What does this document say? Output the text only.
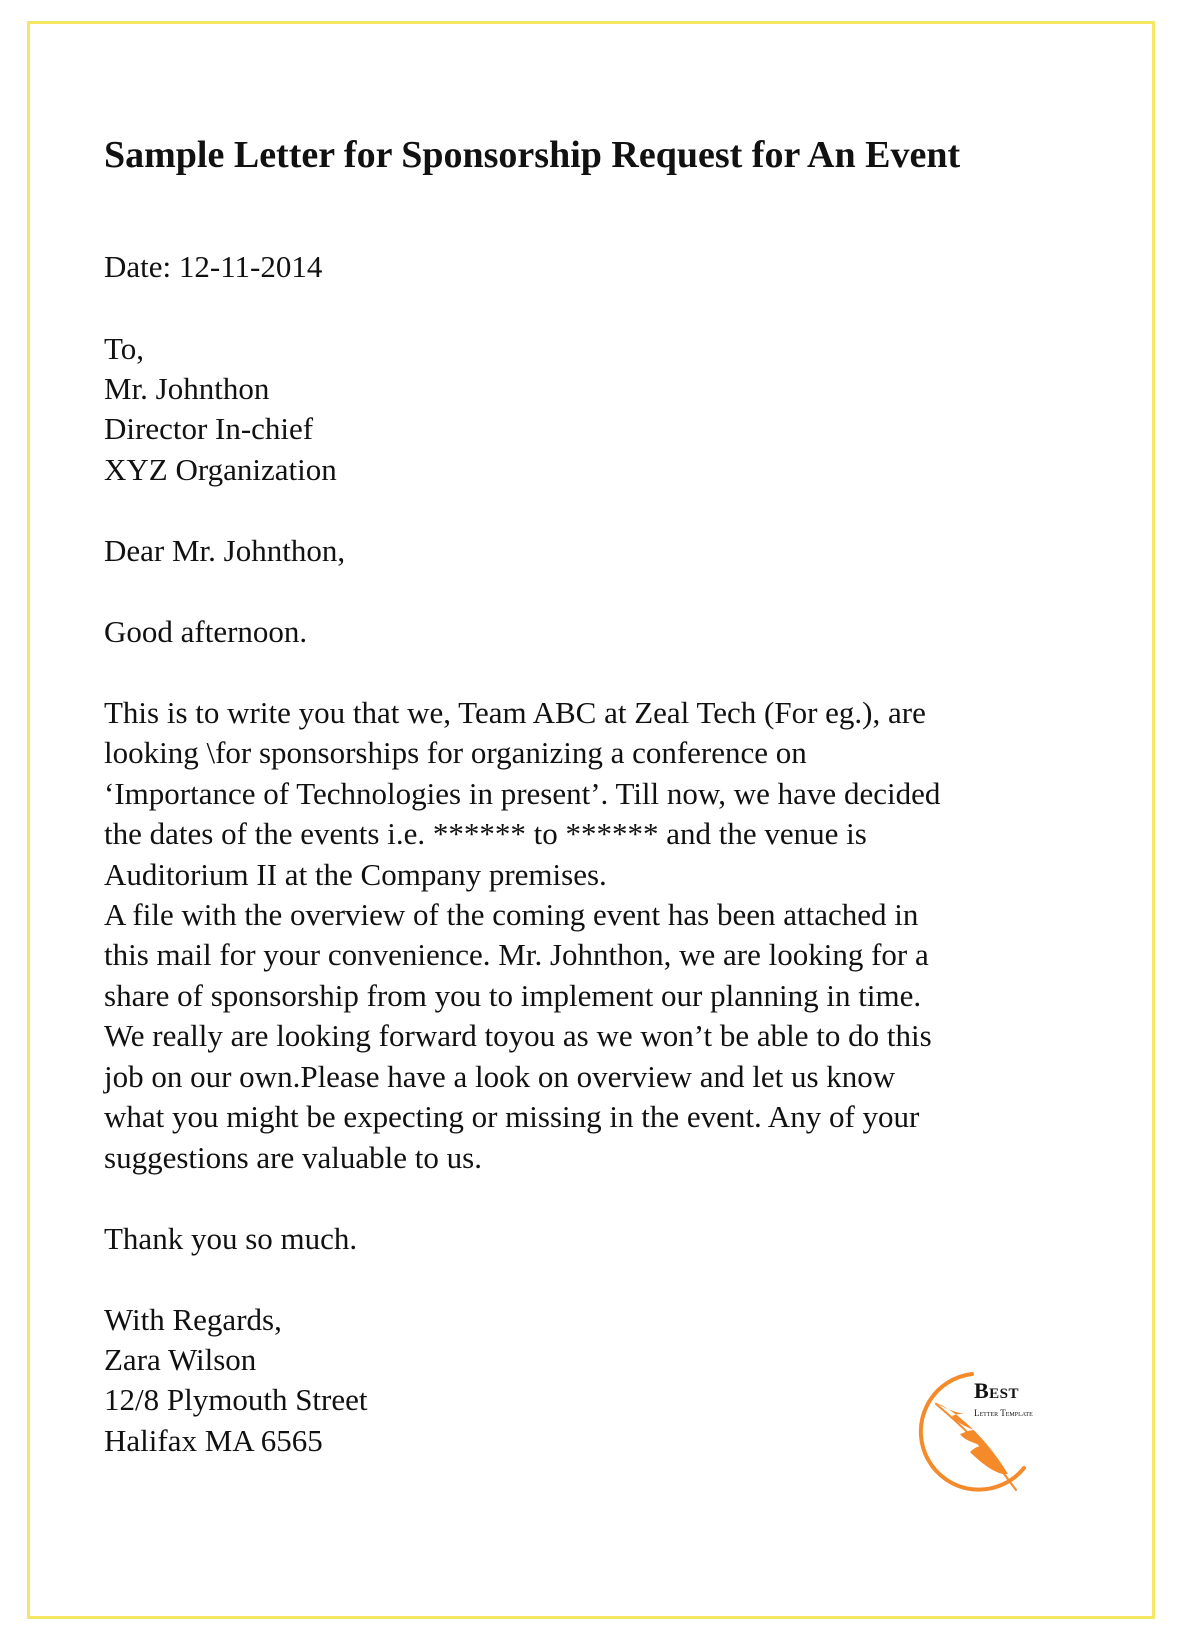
Sample Letter for Sponsorship Request for An Event

Date: 12-11-2014

To,

Mr. Johnthon

Director In-chief

XYZ Organization

Dear Mr. Johnthon,

Good afternoon.

This is to write you that we, Team ABC at Zeal Tech (For eg.), are

looking \for sponsorships for organizing a conference on

‘Importance of Technologies in present’. Till now, we have decided

the dates of the events i.e. ****** to ****** and the venue is

Auditorium II at the Company premises.

A file with the overview of the coming event has been attached in

this mail for your convenience. Mr. Johnthon, we are looking for a

share of sponsorship from you to implement our planning in time.

We really are looking forward toyou as we won’t be able to do this

job on our own.Please have a look on overview and let us know

what you might be expecting or missing in the event. Any of your

suggestions are valuable to us.

Thank you so much.

With Regards,

Zara Wilson

12/8 Plymouth Street

Halifax MA 6565

Best
Letter Template
